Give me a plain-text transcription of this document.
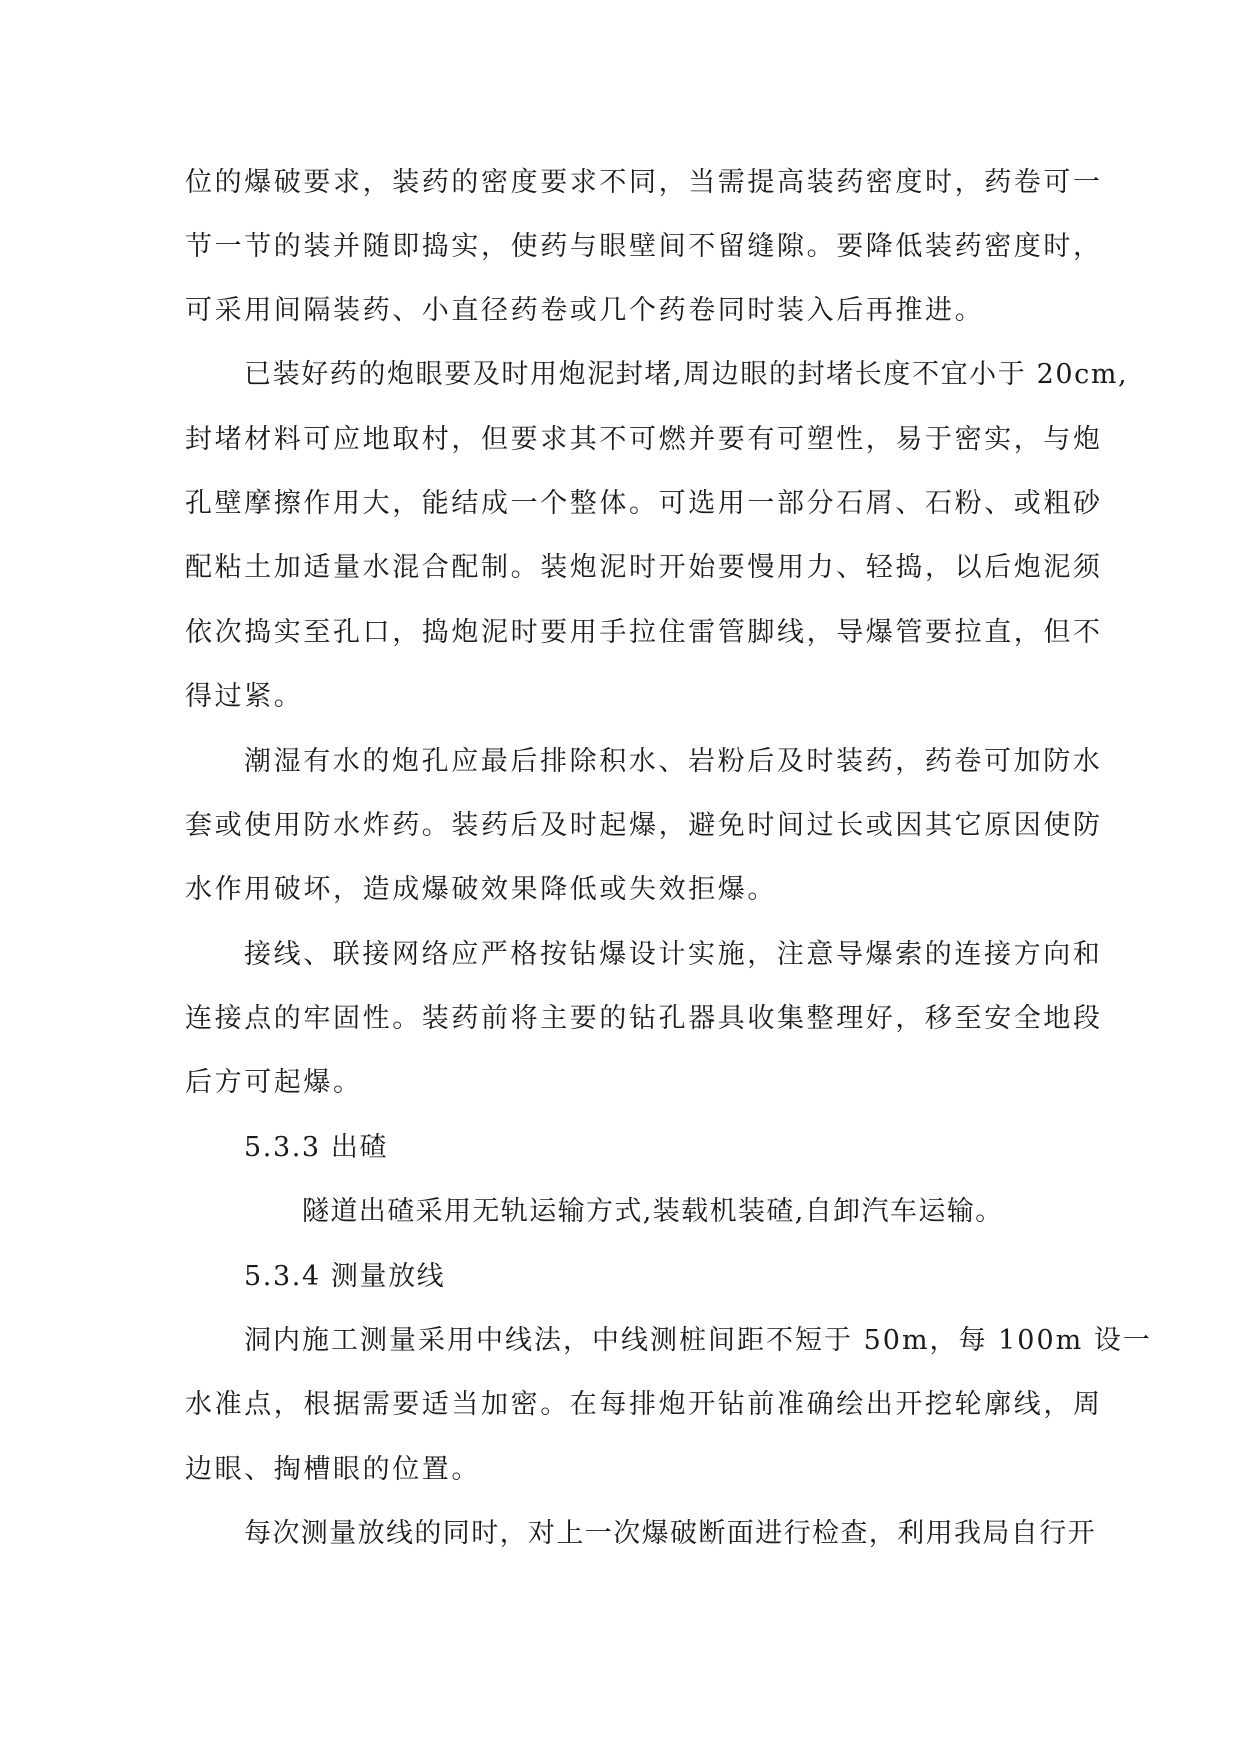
位的爆破要求，装药的密度要求不同，当需提高装药密度时，药卷可一
节一节的装并随即捣实，使药与眼壁间不留缝隙。要降低装药密度时，
可采用间隔装药、小直径药卷或几个药卷同时装入后再推进。
已装好药的炮眼要及时用炮泥封堵,周边眼的封堵长度不宜小于 20cm,
封堵材料可应地取村，但要求其不可燃并要有可塑性，易于密实，与炮
孔壁摩擦作用大，能结成一个整体。可选用一部分石屑、石粉、或粗砂
配粘土加适量水混合配制。装炮泥时开始要慢用力、轻捣，以后炮泥须
依次捣实至孔口，捣炮泥时要用手拉住雷管脚线，导爆管要拉直，但不
得过紧。
潮湿有水的炮孔应最后排除积水、岩粉后及时装药，药卷可加防水
套或使用防水炸药。装药后及时起爆，避免时间过长或因其它原因使防
水作用破坏，造成爆破效果降低或失效拒爆。
接线、联接网络应严格按钻爆设计实施，注意导爆索的连接方向和
连接点的牢固性。装药前将主要的钻孔器具收集整理好，移至安全地段
后方可起爆。
5.3.3 出碴
隧道出碴采用无轨运输方式,装载机装碴,自卸汽车运输。
5.3.4 测量放线
洞内施工测量采用中线法，中线测桩间距不短于 50m，每 100m 设一
水准点，根据需要适当加密。在每排炮开钻前准确绘出开挖轮廓线，周
边眼、掏槽眼的位置。
每次测量放线的同时，对上一次爆破断面进行检查，利用我局自行开
